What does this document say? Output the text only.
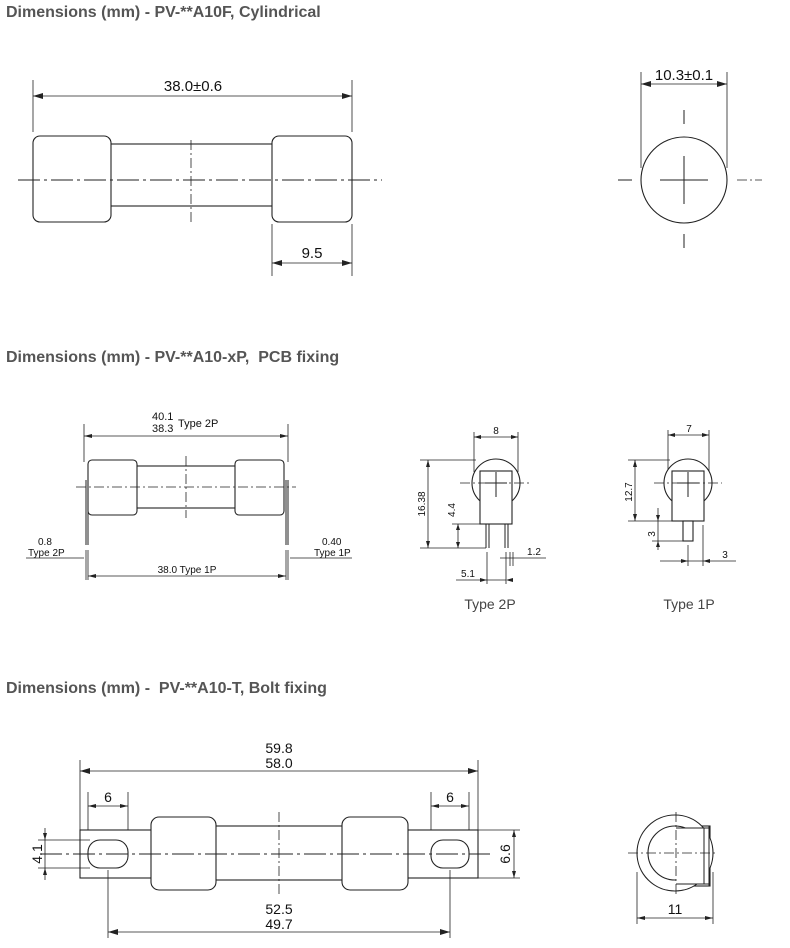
Dimensions (mm) - PV-**A10F, Cylindrical
Dimensions (mm) - PV-**A10-xP,  PCB fixing
Dimensions (mm) -  PV-**A10-T, Bolt fixing
38.0±0.6
9.5
10.3±0.1
40.1
38.3 Type 2P
0.8
Type 2P
0.40
Type 1P
38.0 Type 1P
8
16.38 4.4
5.1
1.2
Type 2P
7
12.7
3
3
Type 1P
59.8
58.0
6	6
4.1	6.6
52.5
49.7
11
